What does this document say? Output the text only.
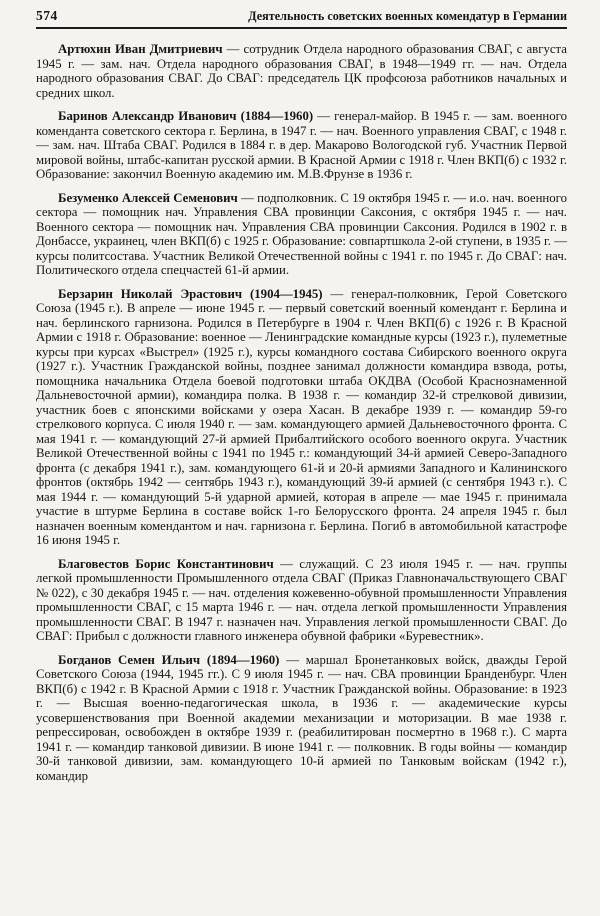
574	Деятельность советских военных комендатур в Германии

Артюхин Иван Дмитриевич — сотрудник Отдела народного образования СВАГ, с августа 1945 г. — зам. нач. Отдела народного образования СВАГ, в 1948—1949 гг. — нач. Отдела народного образования СВАГ. До СВАГ: председатель ЦК профсоюза работников начальных и средних школ.

Баринов Александр Иванович (1884—1960) — генерал-майор. В 1945 г. — зам. военного коменданта советского сектора г. Берлина, в 1947 г. — нач. Военного управления СВАГ, с 1948 г. — зам. нач. Штаба СВАГ. Родился в 1884 г. в дер. Макарово Вологодской губ. Участник Первой мировой войны, штабс-капитан русской армии. В Красной Армии с 1918 г. Член ВКП(б) с 1932 г. Образование: закончил Военную академию им. М.В.Фрунзе в 1936 г.

Безуменко Алексей Семенович — подполковник. С 19 октября 1945 г. — и.о. нач. военного сектора — помощник нач. Управления СВА провинции Саксония, с октября 1945 г. — нач. Военного сектора — помощник нач. Управления СВА провинции Саксония. Родился в 1902 г. в Донбассе, украинец, член ВКП(б) с 1925 г. Образование: совпартшкола 2-ой ступени, в 1935 г. — курсы политсостава. Участник Великой Отечественной войны с 1941 г. по 1945 г. До СВАГ: нач. Политического отдела спецчастей 61-й армии.

Берзарин Николай Эрастович (1904—1945) — генерал-полковник, Герой Советского Союза (1945 г.). В апреле — июне 1945 г. — первый советский военный комендант г. Берлина и нач. берлинского гарнизона. Родился в Петербурге в 1904 г. Член ВКП(б) с 1926 г. В Красной Армии с 1918 г. Образование: военное — Ленинградские командные курсы (1923 г.), пулеметные курсы при курсах «Выстрел» (1925 г.), курсы командного состава Сибирского военного округа (1927 г.). Участник Гражданской войны, позднее занимал должности командира взвода, роты, помощника начальника Отдела боевой подготовки штаба ОКДВА (Особой Краснознаменной Дальневосточной армии), командира полка. В 1938 г. — командир 32-й стрелковой дивизии, участник боев с японскими войсками у озера Хасан. В декабре 1939 г. — командир 59-го стрелкового корпуса. С июля 1940 г. — зам. командующего армией Дальневосточного фронта. С мая 1941 г. — командующий 27-й армией Прибалтийского особого военного округа. Участник Великой Отечественной войны с 1941 по 1945 г.: командующий 34-й армией Северо-Западного фронта (с декабря 1941 г.), зам. командующего 61-й и 20-й армиями Западного и Калининского фронтов (октябрь 1942 — сентябрь 1943 г.), командующий 39-й армией (с сентября 1943 г.). С мая 1944 г. — командующий 5-й ударной армией, которая в апреле — мае 1945 г. принимала участие в штурме Берлина в составе войск 1-го Белорусского фронта. 24 апреля 1945 г. был назначен военным комендантом и нач. гарнизона г. Берлина. Погиб в автомобильной катастрофе 16 июня 1945 г.

Благовестов Борис Константинович — служащий. С 23 июля 1945 г. — нач. группы легкой промышленности Промышленного отдела СВАГ (Приказ Главноначальствующего СВАГ № 022), с 30 декабря 1945 г. — нач. отделения кожевенно-обувной промышленности Управления промышленности СВАГ, с 15 марта 1946 г. — нач. отдела легкой промышленности Управления промышленности СВАГ. В 1947 г. назначен нач. Управления легкой промышленности СВАГ. До СВАГ: Прибыл с должности главного инженера обувной фабрики «Буревестник».

Богданов Семен Ильич (1894—1960) — маршал Бронетанковых войск, дважды Герой Советского Союза (1944, 1945 гг.). С 9 июля 1945 г. — нач. СВА провинции Бранденбург. Член ВКП(б) с 1942 г. В Красной Армии с 1918 г. Участник Гражданской войны. Образование: в 1923 г. — Высшая военно-педагогическая школа, в 1936 г. — академические курсы усовершенствования при Военной академии механизации и моторизации. В мае 1938 г. репрессирован, освобожден в октябре 1939 г. (реабилитирован посмертно в 1968 г.). С марта 1941 г. — командир танковой дивизии. В июне 1941 г. — полковник. В годы войны — командир 30-й танковой дивизии, зам. командующего 10-й армией по Танковым войскам (1942 г.), командир
